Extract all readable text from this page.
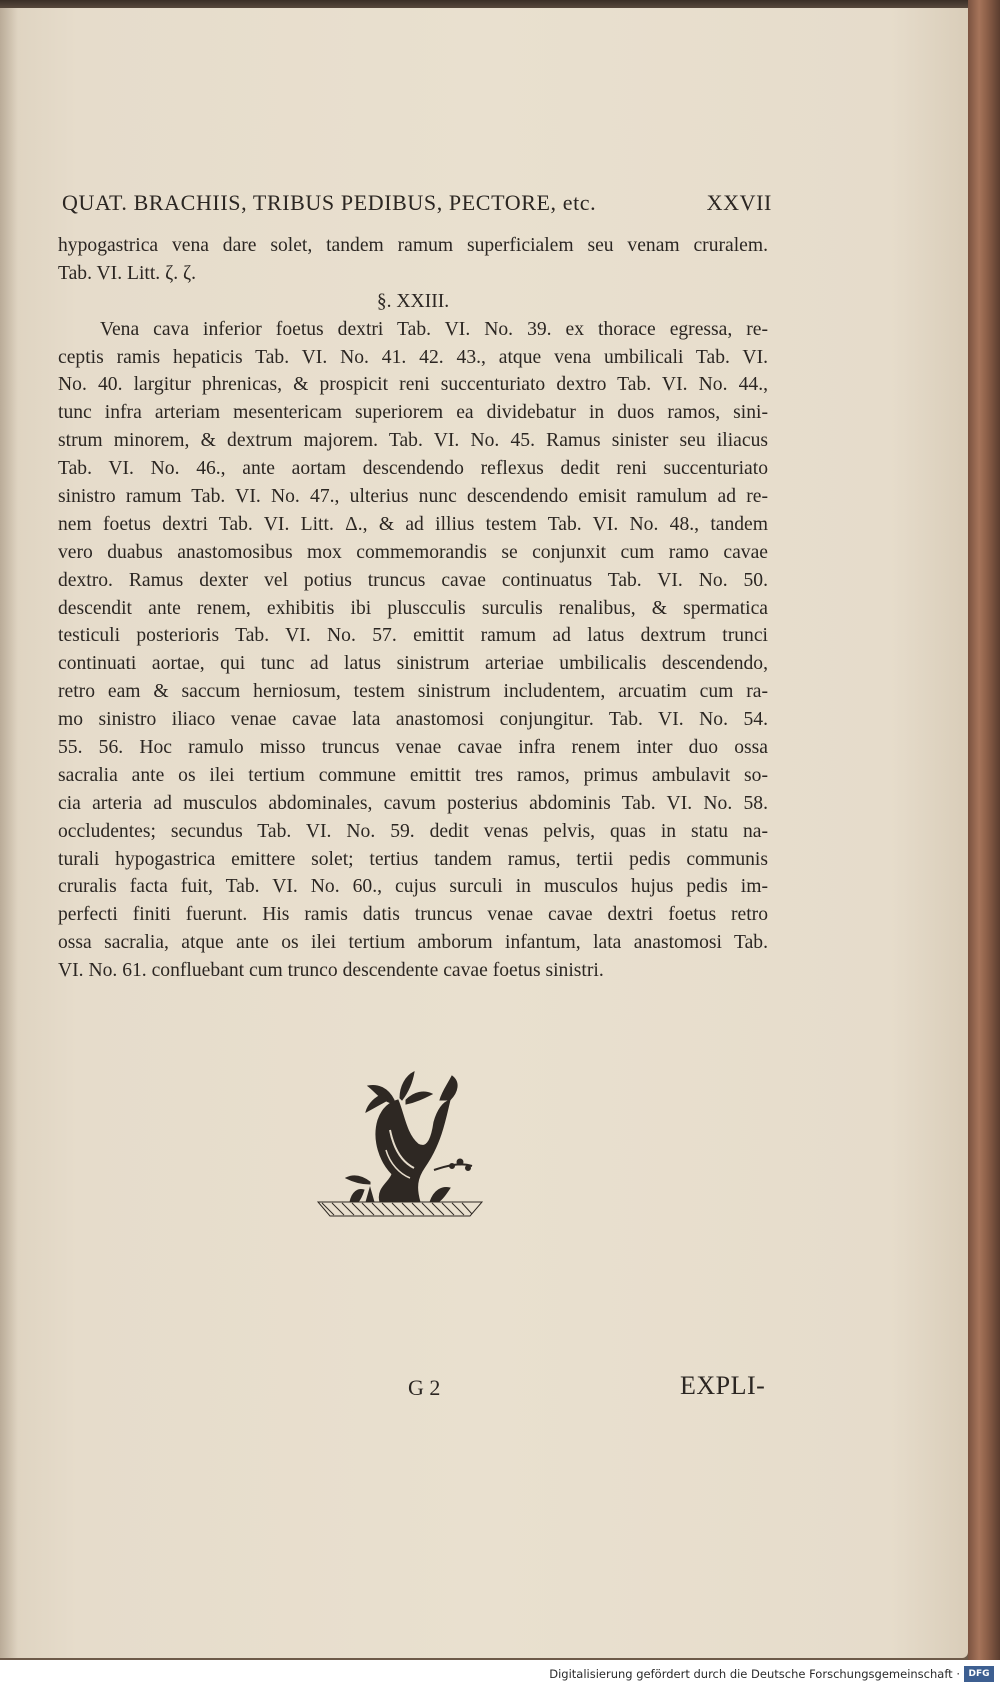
QUAT. BRACHIIS, TRIBUS PEDIBUS, PECTORE, etc.	XXVII
hypogastrica vena dare solet, tandem ramum superficialem seu venam cruralem.
Tab. VI. Litt. ζ. ζ.
§. XXIII.
Vena cava inferior foetus dextri Tab. VI. No. 39. ex thorace egressa, re-
ceptis ramis hepaticis Tab. VI. No. 41. 42. 43., atque vena umbilicali Tab. VI.
No. 40. largitur phrenicas, & prospicit reni succenturiato dextro Tab. VI. No. 44.,
tunc infra arteriam mesentericam superiorem ea dividebatur in duos ramos, sini-
strum minorem, & dextrum majorem. Tab. VI. No. 45. Ramus sinister seu iliacus
Tab. VI. No. 46., ante aortam descendendo reflexus dedit reni succenturiato
sinistro ramum Tab. VI. No. 47., ulterius nunc descendendo emisit ramulum ad re-
nem foetus dextri Tab. VI. Litt. Δ., & ad illius testem Tab. VI. No. 48., tandem
vero duabus anastomosibus mox commemorandis se conjunxit cum ramo cavae
dextro. Ramus dexter vel potius truncus cavae continuatus Tab. VI. No. 50.
descendit ante renem, exhibitis ibi pluscculis surculis renalibus, & spermatica
testiculi posterioris Tab. VI. No. 57. emittit ramum ad latus dextrum trunci
continuati aortae, qui tunc ad latus sinistrum arteriae umbilicalis descendendo,
retro eam & saccum herniosum, testem sinistrum includentem, arcuatim cum ra-
mo sinistro iliaco venae cavae lata anastomosi conjungitur. Tab. VI. No. 54.
55. 56. Hoc ramulo misso truncus venae cavae infra renem inter duo ossa
sacralia ante os ilei tertium commune emittit tres ramos, primus ambulavit so-
cia arteria ad musculos abdominales, cavum posterius abdominis Tab. VI. No. 58.
occludentes; secundus Tab. VI. No. 59. dedit venas pelvis, quas in statu na-
turali hypogastrica emittere solet; tertius tandem ramus, tertii pedis communis
cruralis facta fuit, Tab. VI. No. 60., cujus surculi in musculos hujus pedis im-
perfecti finiti fuerunt. His ramis datis truncus venae cavae dextri foetus retro
ossa sacralia, atque ante os ilei tertium amborum infantum, lata anastomosi Tab.
VI. No. 61. confluebant cum trunco descendente cavae foetus sinistri.
G 2	EXPLI-
Digitalisierung gefördert durch die Deutsche Forschungsgemeinschaft · DFG
